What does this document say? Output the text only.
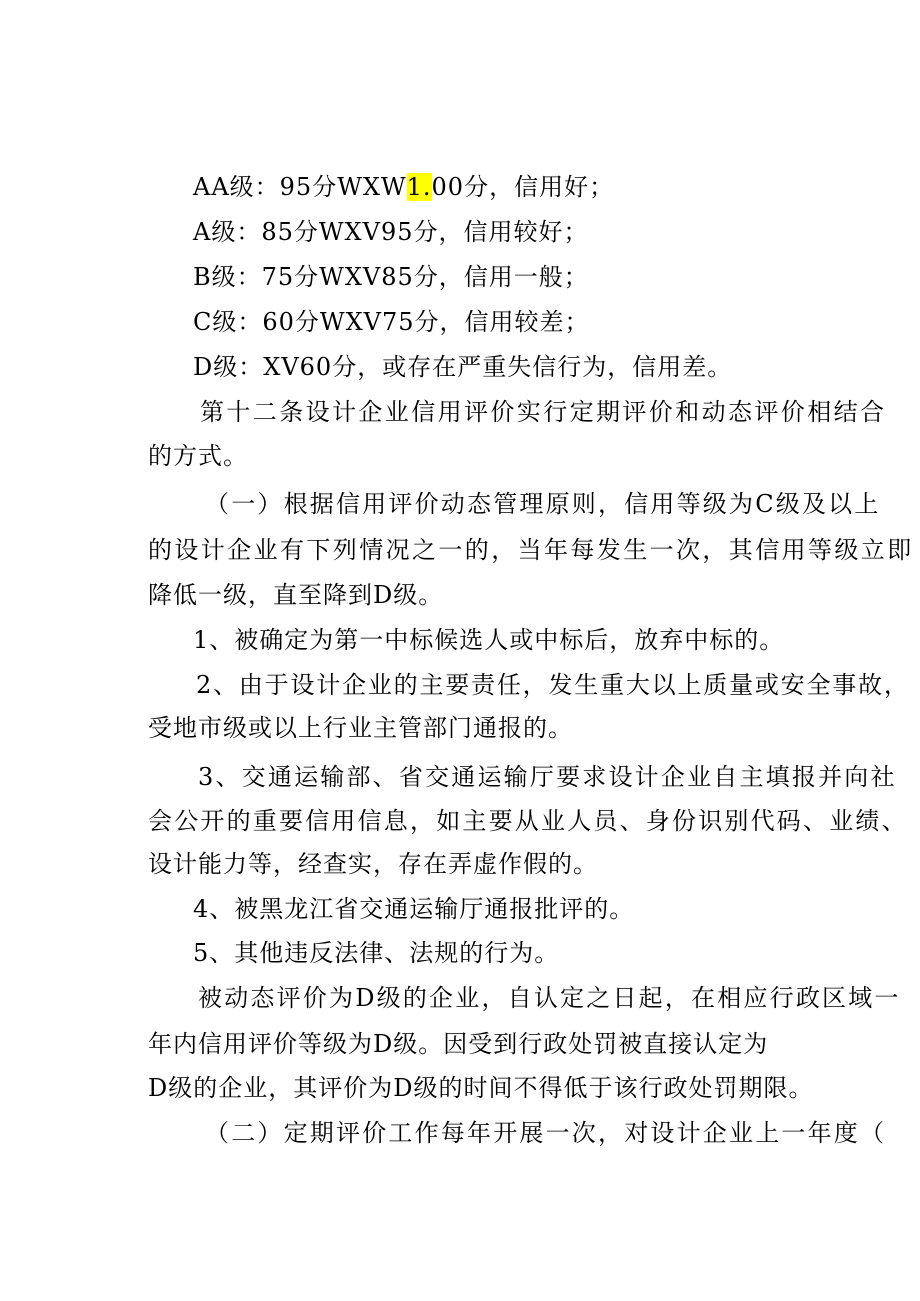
AA级：95分WXW1.00分，信用好；
A级：85分WXV95分，信用较好；
B级：75分WXV85分，信用一般；
C级：60分WXV75分，信用较差；
D级：XV60分，或存在严重失信行为，信用差。
第十二条设计企业信用评价实行定期评价和动态评价相结合
的方式。
（一）根据信用评价动态管理原则，信用等级为C级及以上
的设计企业有下列情况之一的，当年每发生一次，其信用等级立即
降低一级，直至降到D级。
1、被确定为第一中标候选人或中标后，放弃中标的。
2、由于设计企业的主要责任，发生重大以上质量或安全事故，
受地市级或以上行业主管部门通报的。
3、交通运输部、省交通运输厅要求设计企业自主填报并向社
会公开的重要信用信息，如主要从业人员、身份识别代码、业绩、
设计能力等，经查实，存在弄虚作假的。
4、被黑龙江省交通运输厅通报批评的。
5、其他违反法律、法规的行为。
被动态评价为D级的企业，自认定之日起，在相应行政区域一
年内信用评价等级为D级。因受到行政处罚被直接认定为
D级的企业，其评价为D级的时间不得低于该行政处罚期限。
（二）定期评价工作每年开展一次，对设计企业上一年度（
